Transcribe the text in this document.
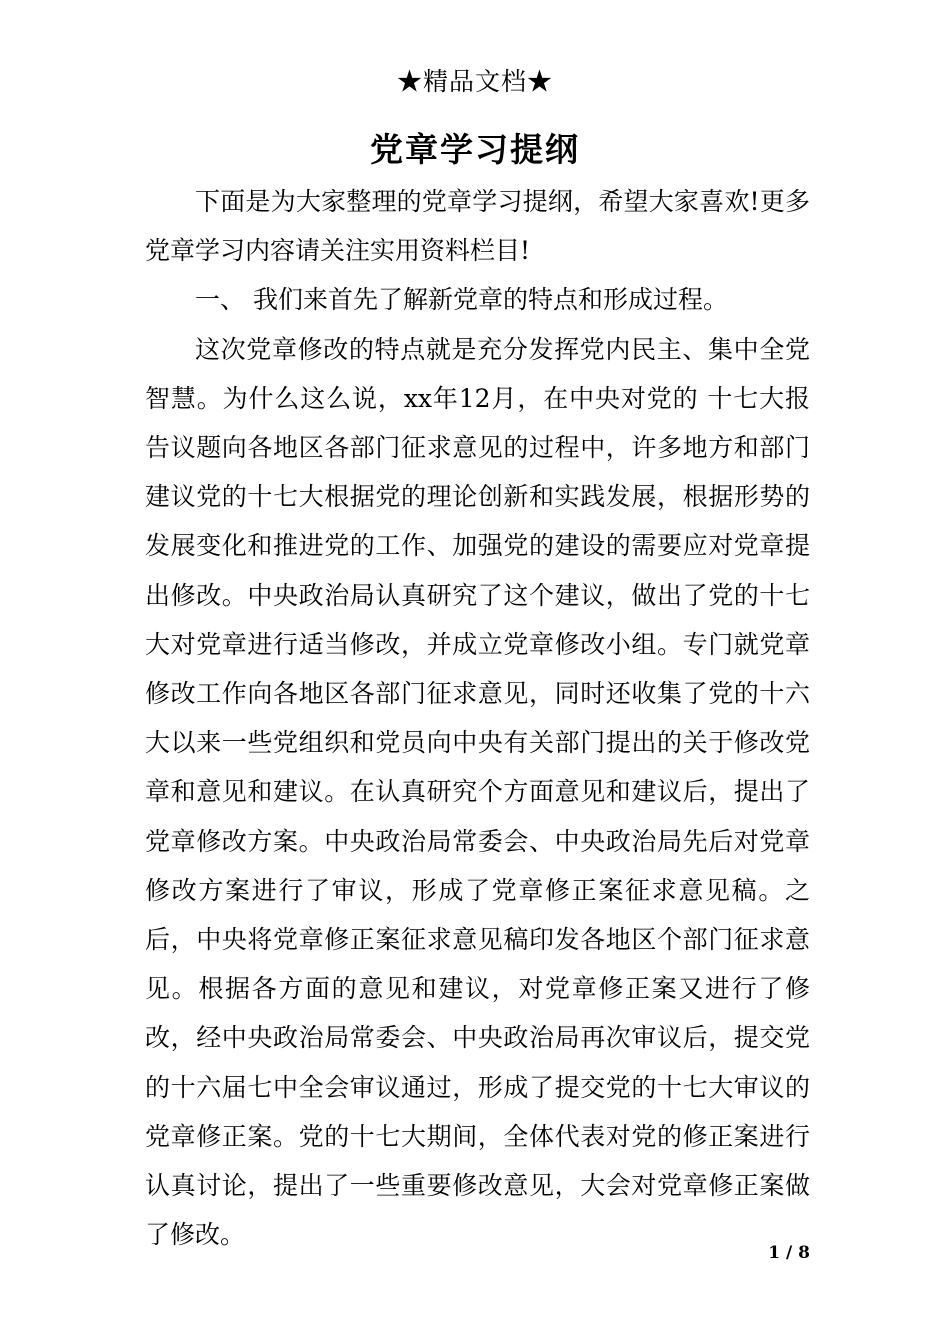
★精品文档★
党章学习提纲

下面是为大家整理的党章学习提纲，希望大家喜欢!更多党章学习内容请关注实用资料栏目!

一、 我们来首先了解新党章的特点和形成过程。

这次党章修改的特点就是充分发挥党内民主、集中全党智慧。为什么这么说，xx年12月，在中央对党的 十七大报告议题向各地区各部门征求意见的过程中，许多地方和部门建议党的十七大根据党的理论创新和实践发展，根据形势的发展变化和推进党的工作、加强党的建设的需要应对党章提出修改。中央政治局认真研究了这个建议，做出了党的十七大对党章进行适当修改，并成立党章修改小组。专门就党章修改工作向各地区各部门征求意见，同时还收集了党的十六大以来一些党组织和党员向中央有关部门提出的关于修改党章和意见和建议。在认真研究个方面意见和建议后，提出了党章修改方案。中央政治局常委会、中央政治局先后对党章修改方案进行了审议，形成了党章修正案征求意见稿。之后，中央将党章修正案征求意见稿印发各地区个部门征求意见。根据各方面的意见和建议，对党章修正案又进行了修改，经中央政治局常委会、中央政治局再次审议后，提交党的十六届七中全会审议通过，形成了提交党的十七大审议的党章修正案。党的十七大期间，全体代表对党的修正案进行认真讨论，提出了一些重要修改意见，大会对党章修正案做了修改。

1 / 8
